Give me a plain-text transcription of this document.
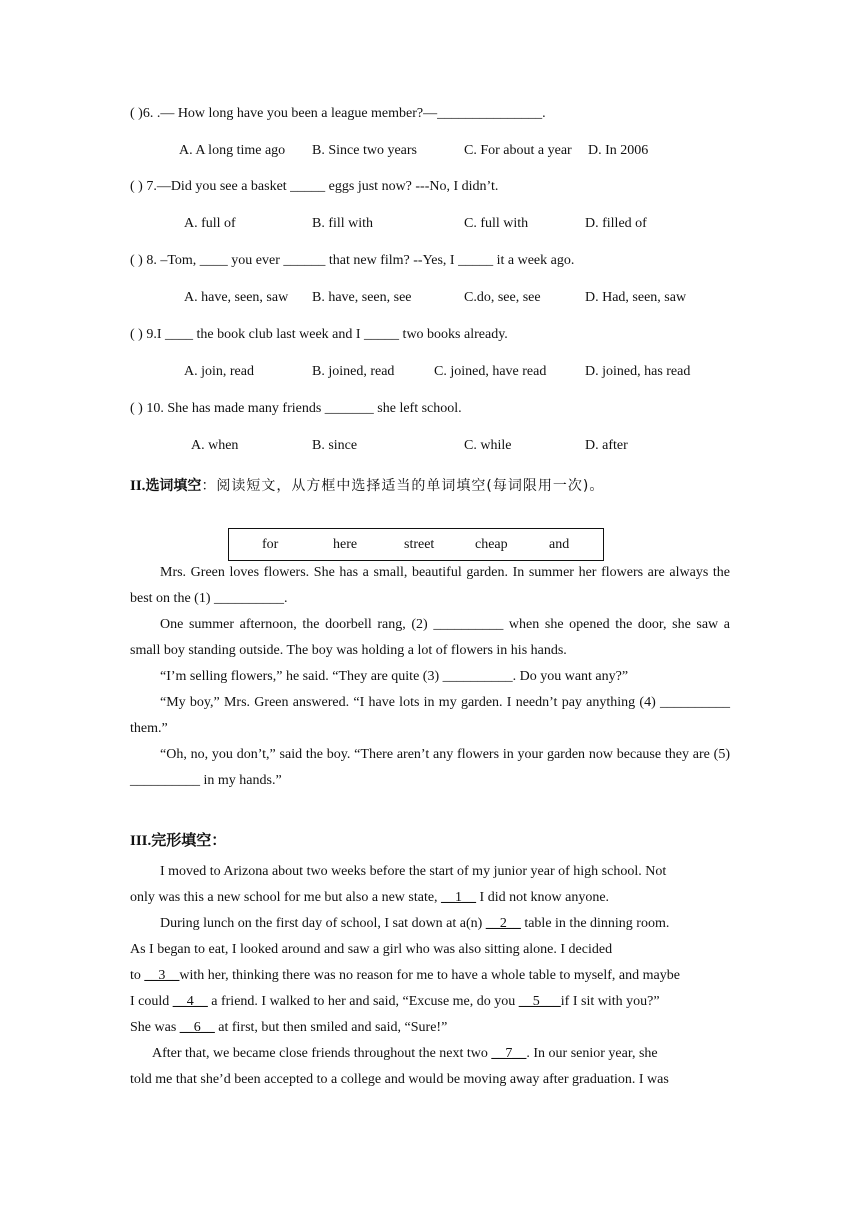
( )6. .— How long have you been a league member?—_______________.
A. A long time ago B. Since two years	C. For about a year D. In 2006
( ) 7.—Did you see a basket _____ eggs just now? ---No, I didn’t.
A. full of	B. fill with	C. full with	D. filled of
( ) 8. –Tom, ____ you ever ______ that new film? --Yes, I _____ it a week ago.
A. have, seen, saw B. have, seen, see	C.do, see, see	D. Had, seen, saw
( ) 9.I ____ the book club last week and I _____ two books already.
A. join, read	B. joined, read	C. joined, have read	D. joined, has read
( ) 10. She has made many friends _______ she left school.
A. when	B. since	C. while	D. after
II.选词填空：阅读短文，从方框中选择适当的单词填空(每词限用一次)。
for	here	street	cheap	and

Mrs. Green loves flowers. She has a small, beautiful garden. In summer her flowers are always the best on the (1) __________.

One summer afternoon, the doorbell rang, (2) __________ when she opened the door, she saw a small boy standing outside. The boy was holding a lot of flowers in his hands.

“I’m selling flowers,” he said. “They are quite (3) __________. Do you want any?”

“My boy,” Mrs. Green answered. “I have lots in my garden. I needn’t pay anything (4) __________ them.”

“Oh, no, you don’t,” said the boy. “There aren’t any flowers in your garden now because they are (5) __________ in my hands.”

III.完形填空：
I moved to Arizona about two weeks before the start of my junior year of high school. Not
only was this a new school for me but also a new state, __1__ I did not know anyone.
During lunch on the first day of school, I sat down at a(n) __2__ table in the dinning room.
As I began to eat, I looked around and saw a girl who was also sitting alone. I decided
to __3__with her, thinking there was no reason for me to have a whole table to myself, and maybe
I could __4__ a friend. I walked to her and said, “Excuse me, do you __5___if I sit with you?”
She was __6__ at first, but then smiled and said, “Sure!”
After that, we became close friends throughout the next two __7__. In our senior year, she
told me that she’d been accepted to a college and would be moving away after graduation. I was
